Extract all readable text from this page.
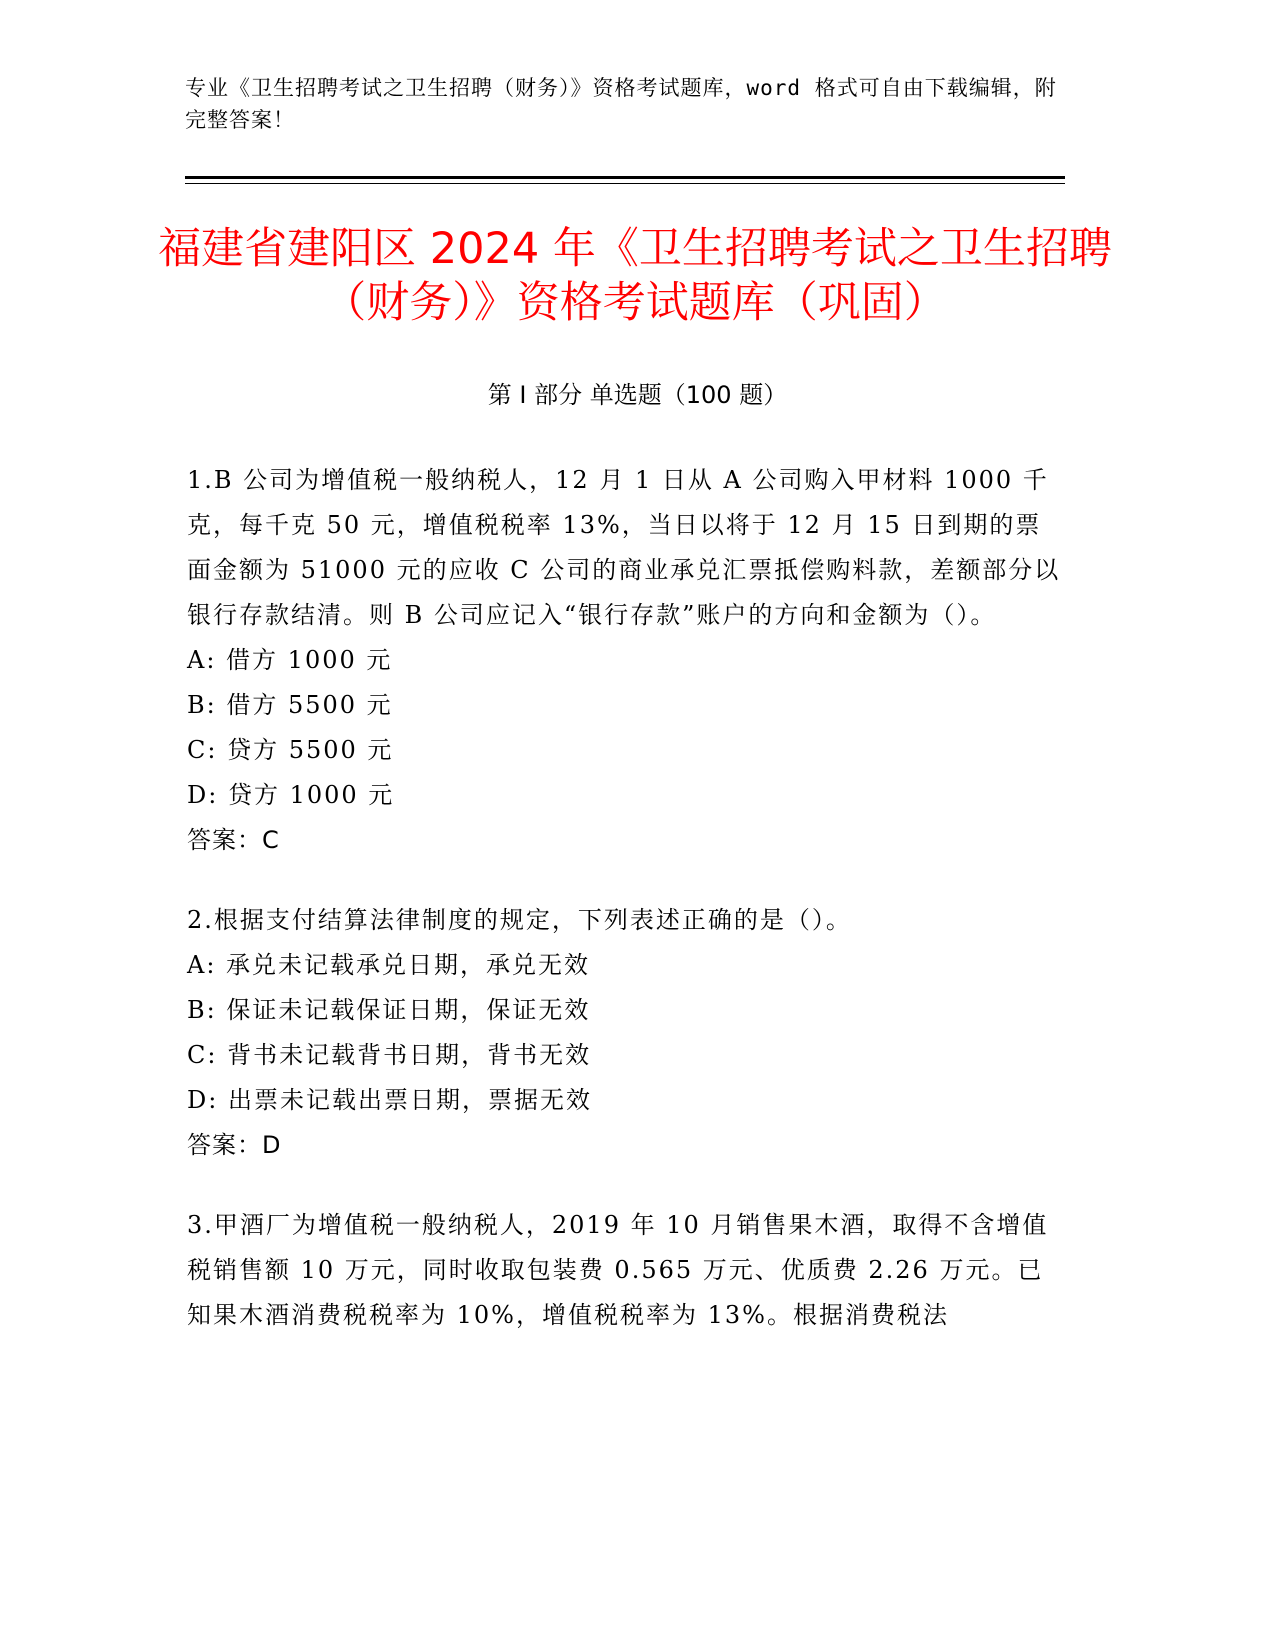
专业《卫生招聘考试之卫生招聘（财务）》资格考试题库，word 格式可自由下载编辑，附完整答案！
福建省建阳区 2024 年《卫生招聘考试之卫生招聘（财务）》资格考试题库（巩固）
第 I 部分 单选题（100 题）
1.B 公司为增值税一般纳税人，12 月 1 日从 A 公司购入甲材料 1000 千克，每千克 50 元，增值税税率 13%，当日以将于 12 月 15 日到期的票面金额为 51000 元的应收 C 公司的商业承兑汇票抵偿购料款，差额部分以银行存款结清。则 B 公司应记入“银行存款”账户的方向和金额为（）。
A: 借方 1000 元
B: 借方 5500 元
C: 贷方 5500 元
D: 贷方 1000 元
答案：C
2.根据支付结算法律制度的规定，下列表述正确的是（）。
A: 承兑未记载承兑日期，承兑无效
B: 保证未记载保证日期，保证无效
C: 背书未记载背书日期，背书无效
D: 出票未记载出票日期，票据无效
答案：D
3.甲酒厂为增值税一般纳税人，2019 年 10 月销售果木酒，取得不含增值税销售额 10 万元，同时收取包装费 0.565 万元、优质费 2.26 万元。已知果木酒消费税税率为 10%，增值税税率为 13%。根据消费税法
